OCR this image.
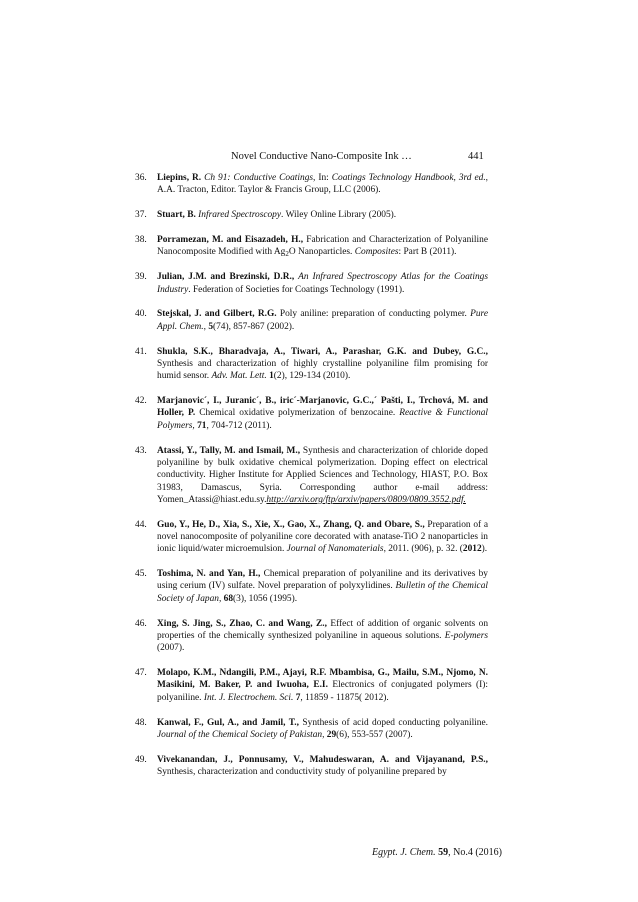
Novel Conductive Nano-Composite Ink …	441
36. Liepins, R. Ch 91: Conductive Coatings, In: Coatings Technology Handbook, 3rd ed., A.A. Tracton, Editor. Taylor & Francis Group, LLC (2006).
37. Stuart, B. Infrared Spectroscopy. Wiley Online Library (2005).
38. Porramezan, M. and Eisazadeh, H., Fabrication and Characterization of Polyaniline Nanocomposite Modified with $Ag_2O$ Nanoparticles. Composites: Part B (2011).
39. Julian, J.M. and Brezinski, D.R., An Infrared Spectroscopy Atlas for the Coatings Industry. Federation of Societies for Coatings Technology (1991).
40. Stejskal, J. and Gilbert, R.G. Poly aniline: preparation of conducting polymer. Pure Appl. Chem., 5(74), 857-867 (2002).
41. Shukla, S.K., Bharadvaja, A., Tiwari, A., Parashar, G.K. and Dubey, G.C., Synthesis and characterization of highly crystalline polyaniline film promising for humid sensor. Adv. Mat. Lett. 1(2), 129-134 (2010).
42. Marjanovic´, I., Juranic´, B., iric´-Marjanovic, G.C.,´ Pašti, I., Trchová, M. and Holler, P. Chemical oxidative polymerization of benzocaine. Reactive & Functional Polymers, 71, 704-712 (2011).
43. Atassi, Y., Tally, M. and Ismail, M., Synthesis and characterization of chloride doped polyaniline by bulk oxidative chemical polymerization. Doping effect on electrical conductivity. Higher Institute for Applied Sciences and Technology, HIAST, P.O. Box 31983, Damascus, Syria. Corresponding author e-mail address: Yomen_Atassi@hiast.edu.sy.http://arxiv.org/ftp/arxiv/papers/0809/0809.3552.pdf.
44. Guo, Y., He, D., Xia, S., Xie, X., Gao, X., Zhang, Q. and Obare, S., Preparation of a novel nanocomposite of polyaniline core decorated with anatase-TiO 2 nanoparticles in ionic liquid/water microemulsion. Journal of Nanomaterials, 2011. (906), p. 32. (2012).
45. Toshima, N. and Yan, H., Chemical preparation of polyaniline and its derivatives by using cerium (IV) sulfate. Novel preparation of polyxylidines. Bulletin of the Chemical Society of Japan, 68(3), 1056 (1995).
46. Xing, S. Jing, S., Zhao, C. and Wang, Z., Effect of addition of organic solvents on properties of the chemically synthesized polyaniline in aqueous solutions. E-polymers (2007).
47. Molapo, K.M., Ndangili, P.M., Ajayi, R.F. Mbambisa, G., Mailu, S.M., Njomo, N. Masikini, M. Baker, P. and Iwuoha, E.I. Electronics of conjugated polymers (I): polyaniline. Int. J. Electrochem. Sci. 7, 11859 - 11875( 2012).
48. Kanwal, F., Gul, A., and Jamil, T., Synthesis of acid doped conducting polyaniline. Journal of the Chemical Society of Pakistan, 29(6), 553-557 (2007).
49. Vivekanandan, J., Ponnusamy, V., Mahudeswaran, A. and Vijayanand, P.S., Synthesis, characterization and conductivity study of polyaniline prepared by
Egypt. J. Chem. 59, No.4 (2016)
